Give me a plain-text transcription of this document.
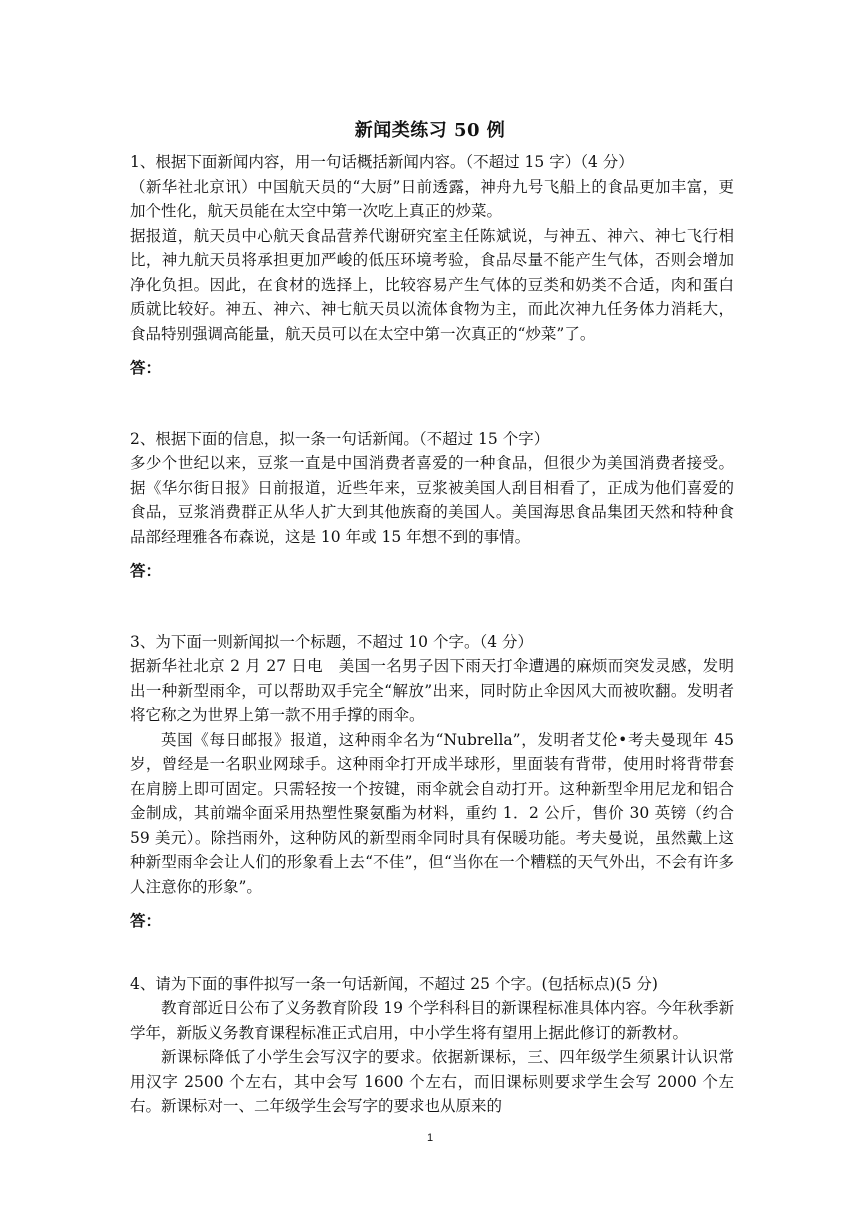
新闻类练习 50 例

1、根据下面新闻内容，用一句话概括新闻内容。（不超过 15 字）（4 分）

（新华社北京讯）中国航天员的“大厨”日前透露，神舟九号飞船上的食品更加丰富，更加个性化，航天员能在太空中第一次吃上真正的炒菜。

据报道，航天员中心航天食品营养代谢研究室主任陈斌说，与神五、神六、神七飞行相比，神九航天员将承担更加严峻的低压环境考验，食品尽量不能产生气体，否则会增加净化负担。因此，在食材的选择上，比较容易产生气体的豆类和奶类不合适，肉和蛋白质就比较好。神五、神六、神七航天员以流体食物为主，而此次神九任务体力消耗大，食品特别强调高能量，航天员可以在太空中第一次真正的“炒菜”了。

答：

2、根据下面的信息，拟一条一句话新闻。（不超过 15 个字）

多少个世纪以来，豆浆一直是中国消费者喜爱的一种食品，但很少为美国消费者接受。据《华尔街日报》日前报道，近些年来，豆浆被美国人刮目相看了，正成为他们喜爱的食品，豆浆消费群正从华人扩大到其他族裔的美国人。美国海思食品集团天然和特种食品部经理雅各布森说，这是 10 年或 15 年想不到的事情。

答：

3、为下面一则新闻拟一个标题，不超过 10 个字。（4 分）

据新华社北京 2 月 27 日电　美国一名男子因下雨天打伞遭遇的麻烦而突发灵感，发明出一种新型雨伞，可以帮助双手完全“解放”出来，同时防止伞因风大而被吹翻。发明者将它称之为世界上第一款不用手撑的雨伞。

英国《每日邮报》报道，这种雨伞名为“Nubrella”，发明者艾伦•考夫曼现年 45 岁，曾经是一名职业网球手。这种雨伞打开成半球形，里面装有背带，使用时将背带套在肩膀上即可固定。只需轻按一个按键，雨伞就会自动打开。这种新型伞用尼龙和铝合金制成，其前端伞面采用热塑性聚氨酯为材料，重约 1．2 公斤，售价 30 英镑（约合 59 美元）。除挡雨外，这种防风的新型雨伞同时具有保暖功能。考夫曼说，虽然戴上这种新型雨伞会让人们的形象看上去“不佳”，但“当你在一个糟糕的天气外出，不会有许多人注意你的形象”。

答：

4、请为下面的事件拟写一条一句话新闻，不超过 25 个字。(包括标点)(5 分)

教育部近日公布了义务教育阶段 19 个学科科目的新课程标准具体内容。今年秋季新学年，新版义务教育课程标准正式启用，中小学生将有望用上据此修订的新教材。

新课标降低了小学生会写汉字的要求。依据新课标，三、四年级学生须累计认识常用汉字 2500 个左右，其中会写 1600 个左右，而旧课标则要求学生会写 2000 个左右。新课标对一、二年级学生会写字的要求也从原来的

1
